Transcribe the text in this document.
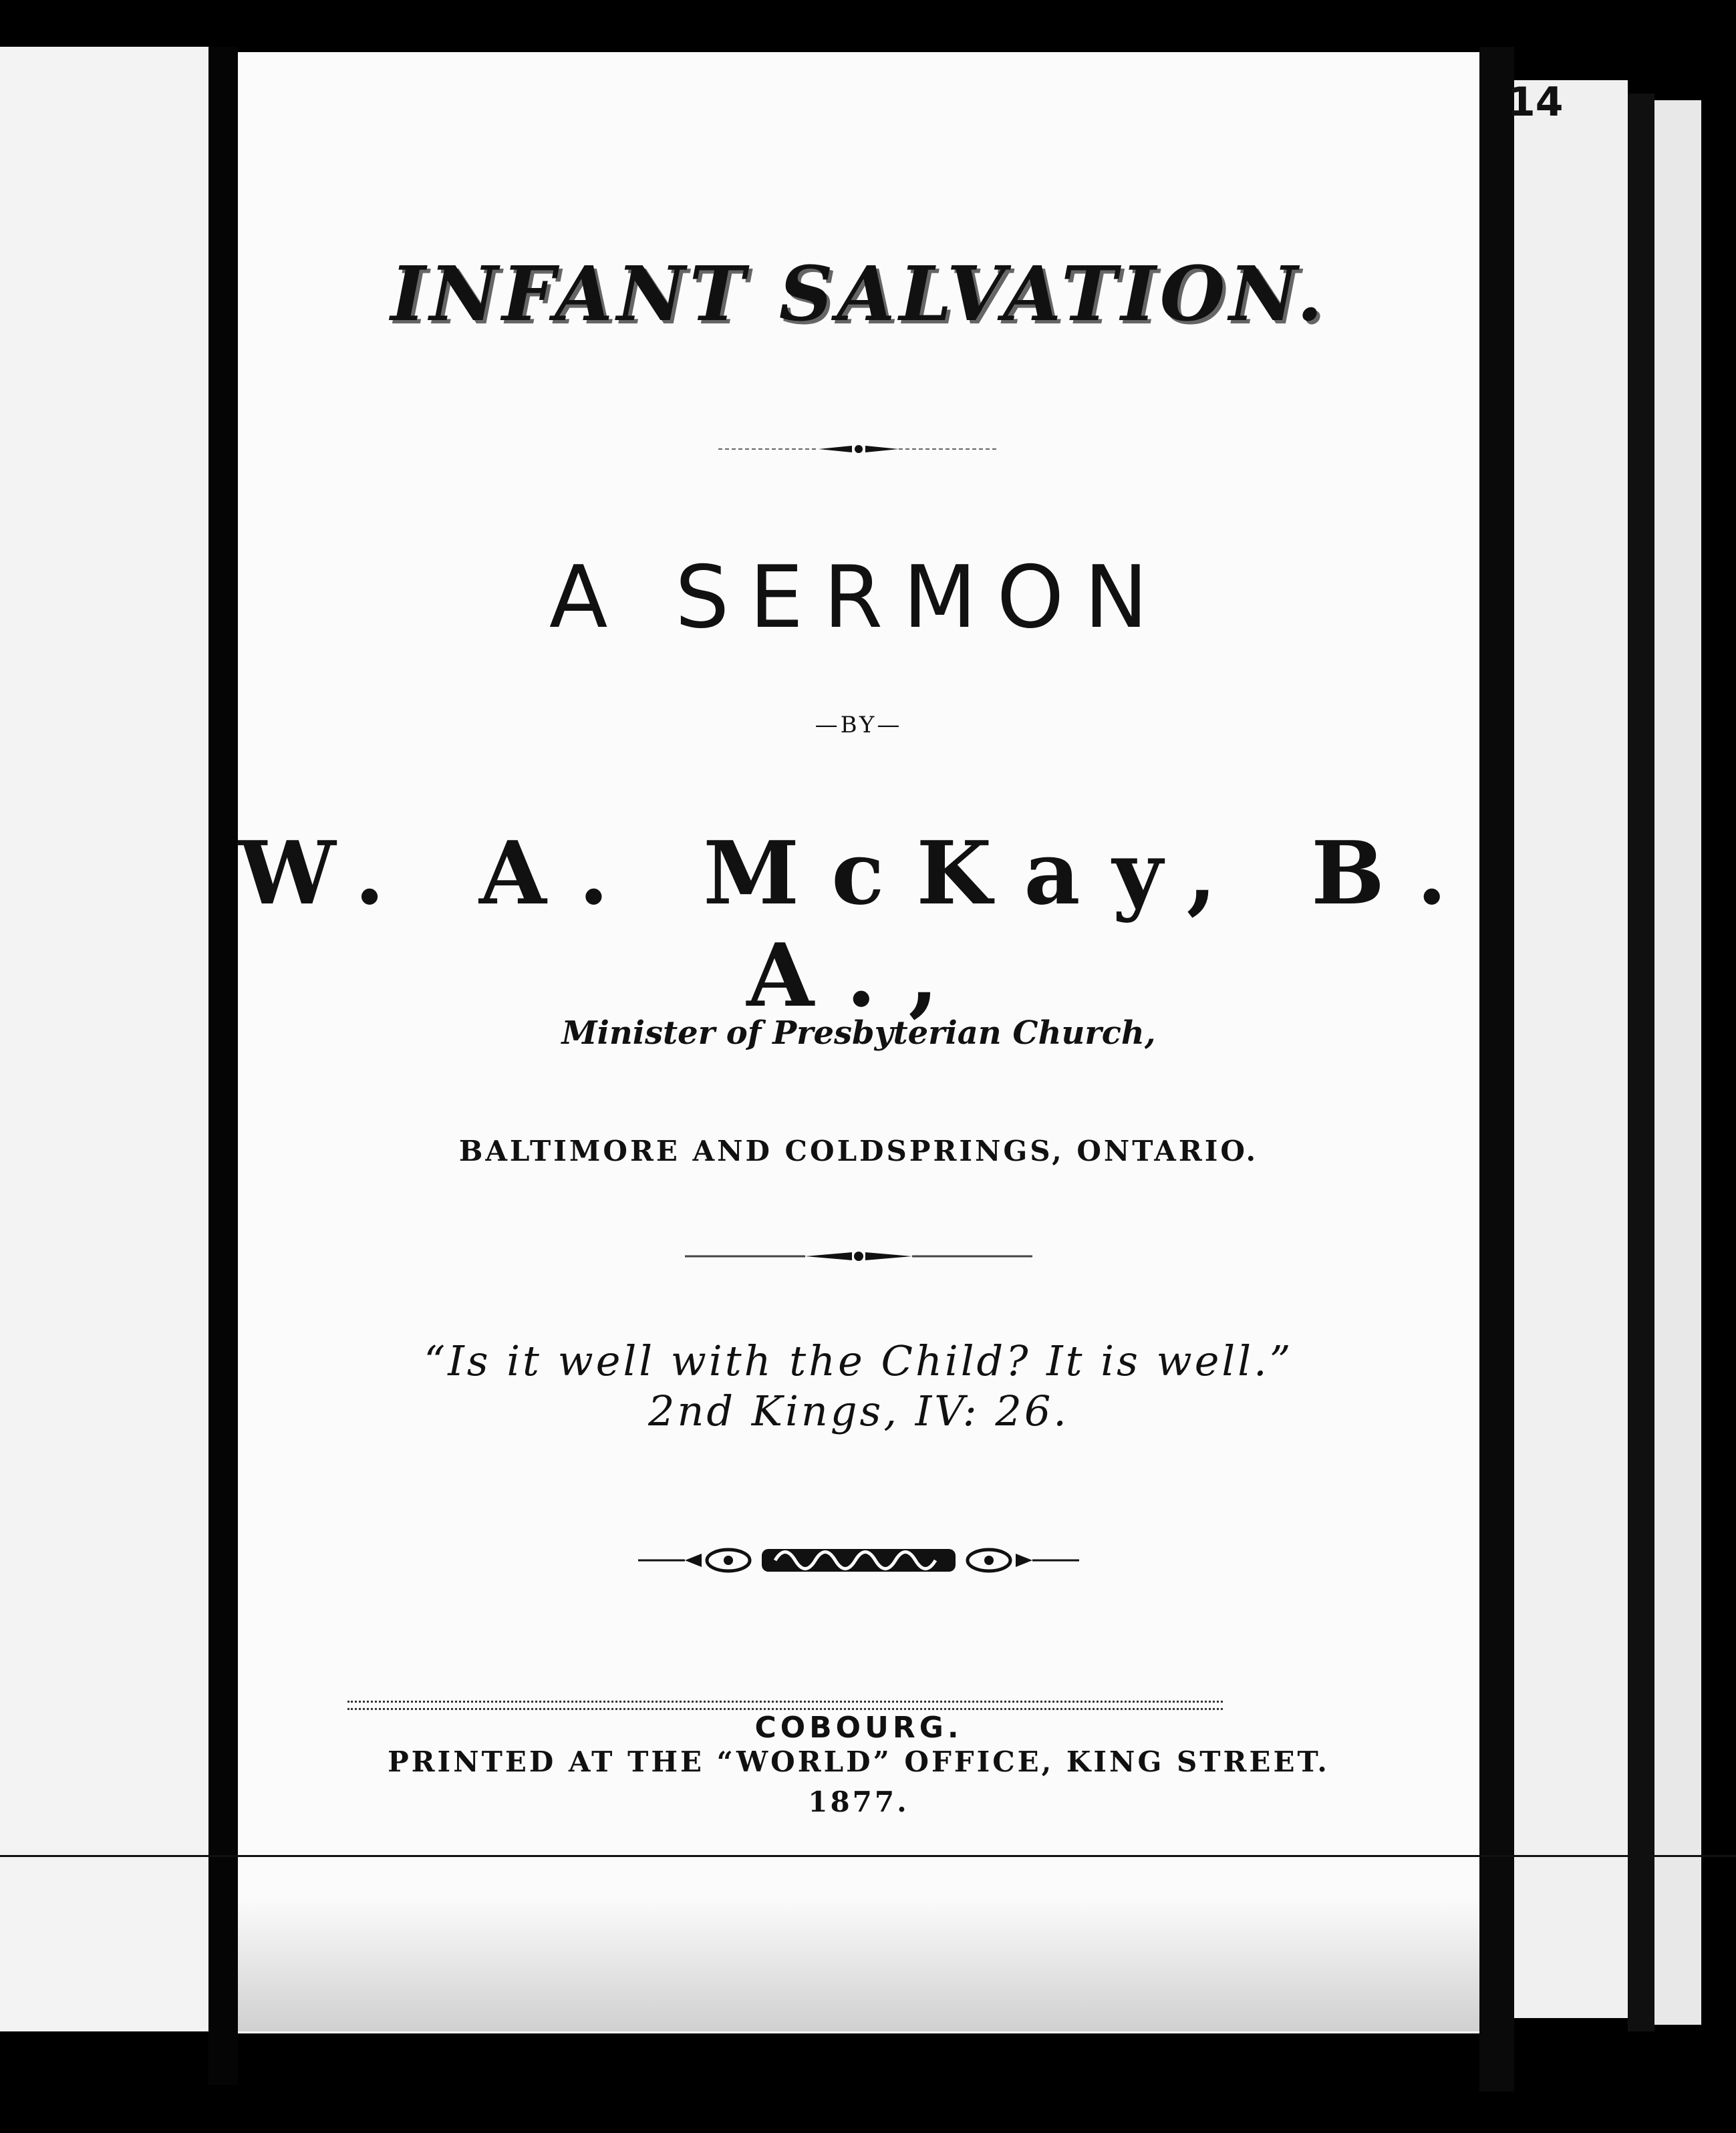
14
INFANT SALVATION.
A SERMON
—BY—
W. A. McKay, B. A.,
Minister of Presbyterian Church,
BALTIMORE AND COLDSPRINGS, ONTARIO.
“Is it well with the Child? It is well.”
2nd Kings, IV: 26.
COBOURG.
PRINTED AT THE “WORLD” OFFICE, KING STREET.
1877.
